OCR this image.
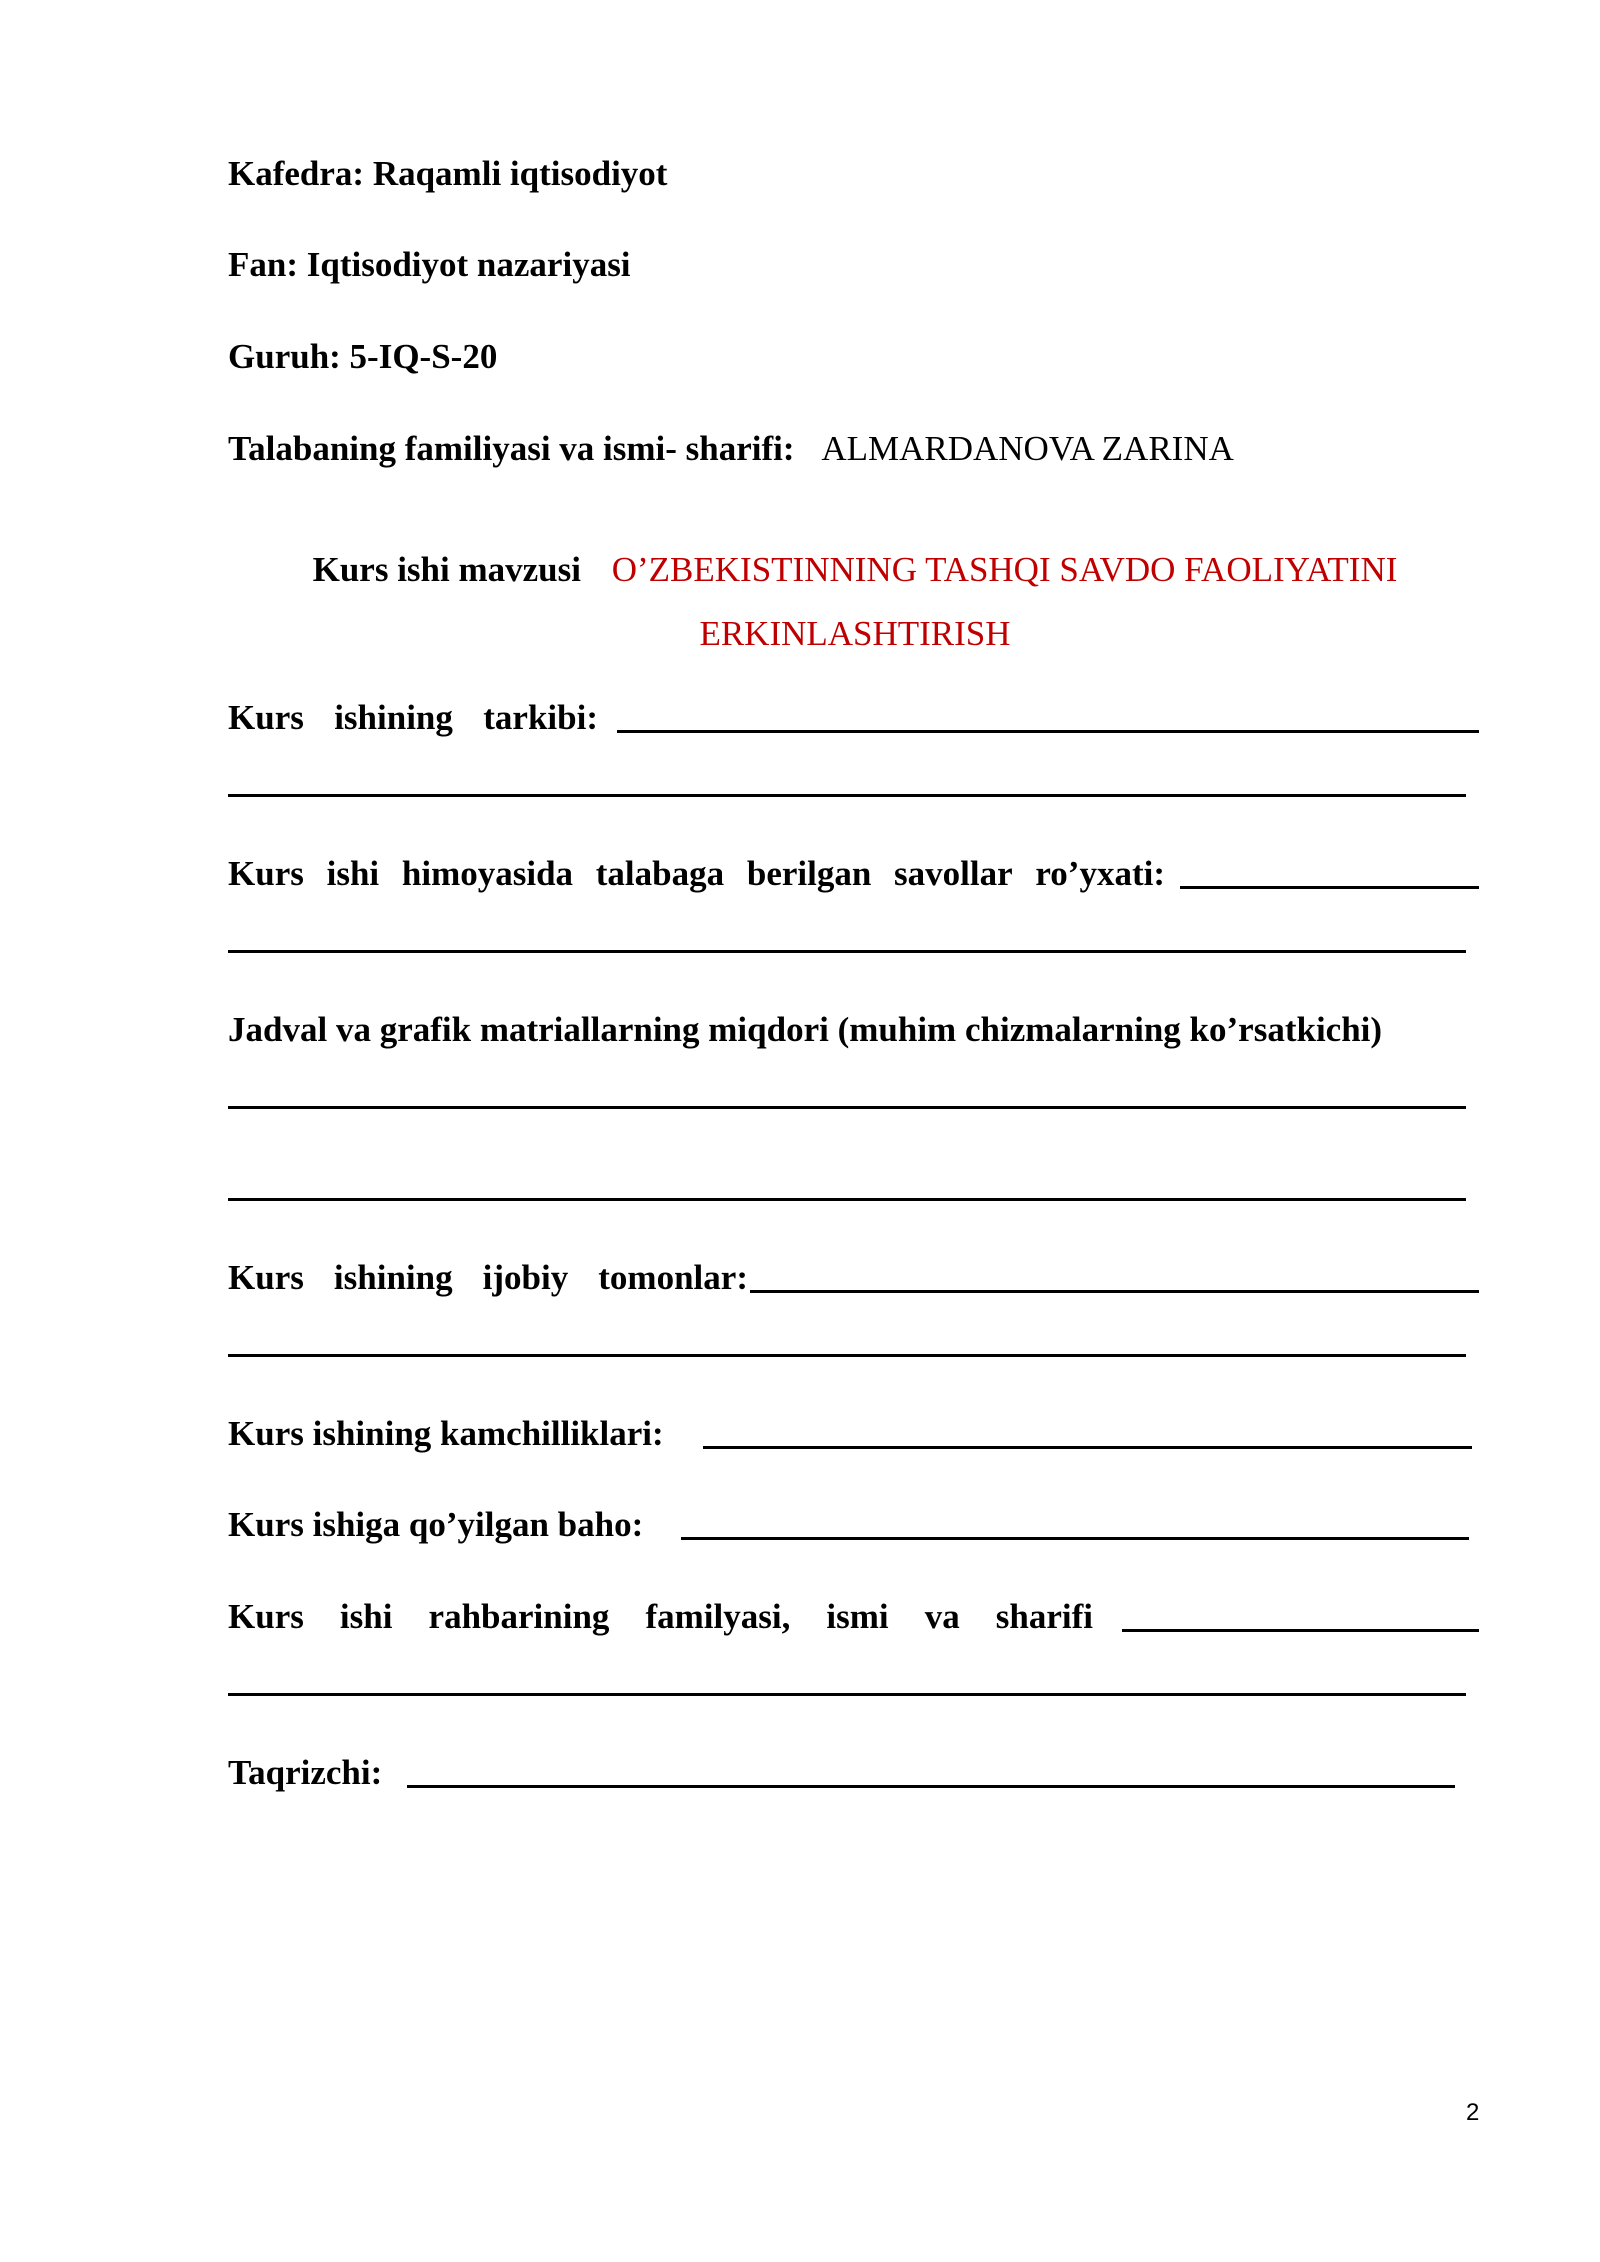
Kafedra: Raqamli iqtisodiyot
Fan: Iqtisodiyot nazariyasi
Guruh: 5-IQ-S-20
Talabaning familiyasi va ismi- sharifi: ALMARDANOVA ZARINA
Kurs ishi mavzusi O’ZBEKISTINNING TASHQI SAVDO FAOLIYATINI
ERKINLASHTIRISH
Kurs ishining tarkibi:
Kurs ishi himoyasida talabaga berilgan savollar ro’yxati:
Jadval va grafik matriallarning miqdori (muhim chizmalarning ko’rsatkichi)
Kurs ishining ijobiy tomonlar:
Kurs ishining kamchilliklari:
Kurs ishiga qo’yilgan baho:
Kurs ishi rahbarining familyasi, ismi va sharifi
Taqrizchi:
2
